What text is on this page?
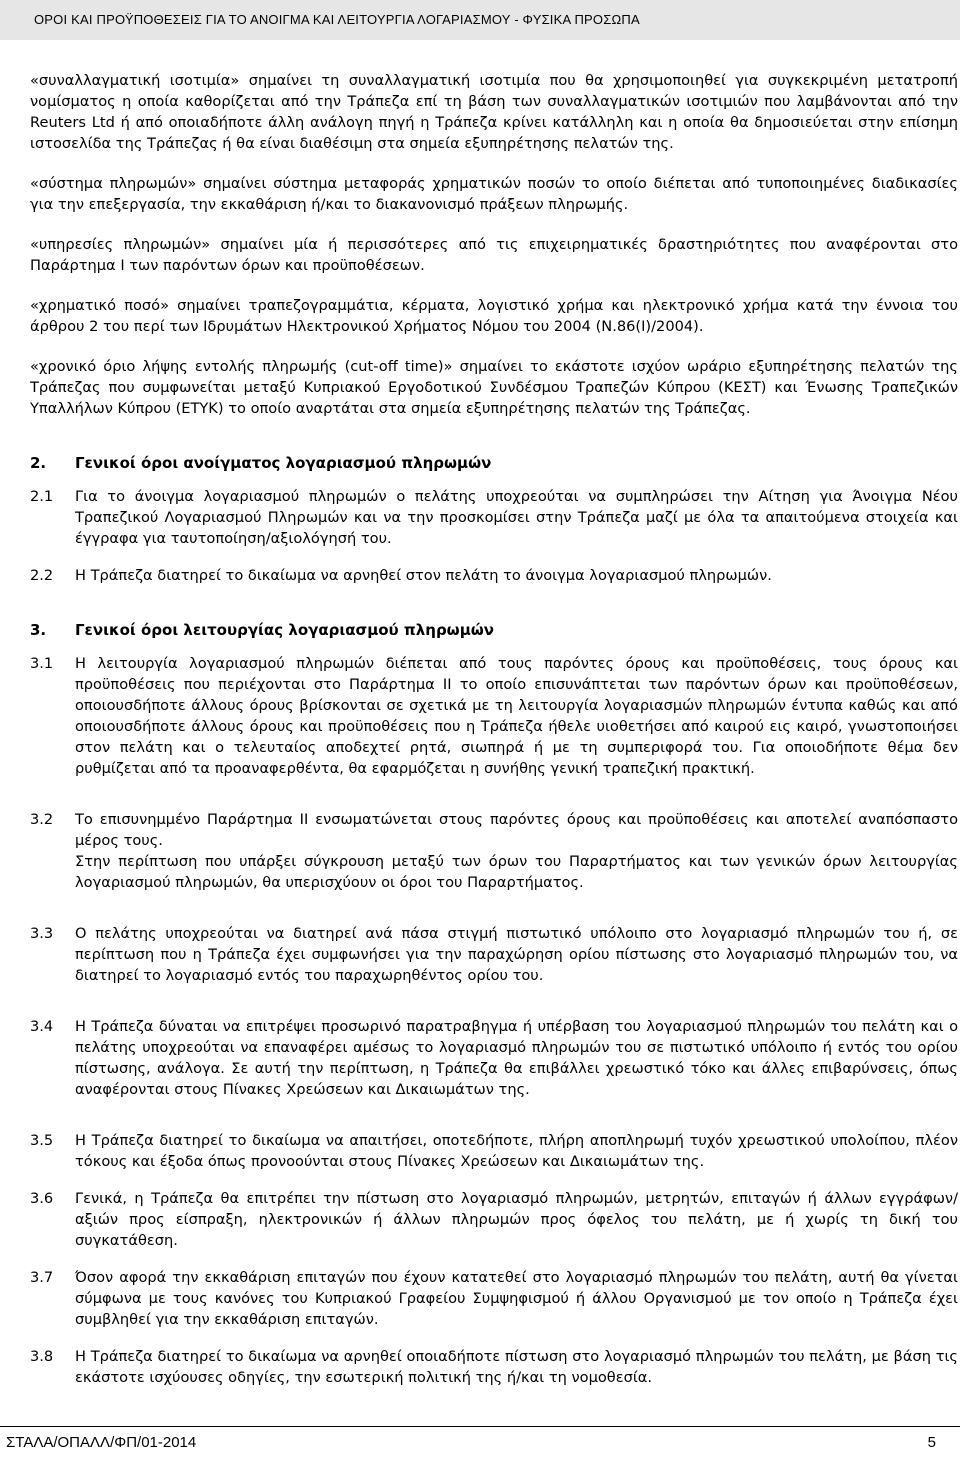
ΟΡΟΙ ΚΑΙ ΠΡΟΫΠΟΘΕΣΕΙΣ ΓΙΑ ΤΟ ΑΝΟΙΓΜΑ ΚΑΙ ΛΕΙΤΟΥΡΓΙΑ ΛΟΓΑΡΙΑΣΜΟΥ - ΦΥΣΙΚΑ ΠΡΟΣΩΠΑ

«συναλλαγματική ισοτιμία» σημαίνει τη συναλλαγματική ισοτιμία που θα χρησιμοποιηθεί για συγκεκριμένη μετατροπή νομίσματος η οποία καθορίζεται από την Τράπεζα επί τη βάση των συναλλαγματικών ισοτιμιών που λαμβάνονται από την Reuters Ltd ή από οποιαδήποτε άλλη ανάλογη πηγή η Τράπεζα κρίνει κατάλληλη και η οποία θα δημοσιεύεται στην επίσημη ιστοσελίδα της Τράπεζας ή θα είναι διαθέσιμη στα σημεία εξυπηρέτησης πελατών της.

«σύστημα πληρωμών» σημαίνει σύστημα μεταφοράς χρηματικών ποσών το οποίο διέπεται από τυποποιημένες διαδικασίες για την επεξεργασία, την εκκαθάριση ή/και το διακανονισμό πράξεων πληρωμής.

«υπηρεσίες πληρωμών» σημαίνει μία ή περισσότερες από τις επιχειρηματικές δραστηριότητες που αναφέρονται στο Παράρτημα Ι των παρόντων όρων και προϋποθέσεων.

«χρηματικό ποσό» σημαίνει τραπεζογραμμάτια, κέρματα, λογιστικό χρήμα και ηλεκτρονικό χρήμα κατά την έννοια του άρθρου 2 του περί των Ιδρυμάτων Ηλεκτρονικού Χρήματος Νόμου του 2004 (Ν.86(Ι)/2004).

«χρονικό όριο λήψης εντολής πληρωμής (cut-off time)» σημαίνει το εκάστοτε ισχύον ωράριο εξυπηρέτησης πελατών της Τράπεζας που συμφωνείται μεταξύ Κυπριακού Εργοδοτικού Συνδέσμου Τραπεζών Κύπρου (ΚΕΣΤ) και Ένωσης Τραπεζικών Υπαλλήλων Κύπρου (ΕΤΥΚ) το οποίο αναρτάται στα σημεία εξυπηρέτησης πελατών της Τράπεζας.

2.	Γενικοί όροι ανοίγματος λογαριασμού πληρωμών
2.1	Για το άνοιγμα λογαριασμού πληρωμών ο πελάτης υποχρεούται να συμπληρώσει την Αίτηση για Άνοιγμα Νέου Τραπεζικού Λογαριασμού Πληρωμών και να την προσκομίσει στην Τράπεζα μαζί με όλα τα απαιτούμενα στοιχεία και έγγραφα για ταυτοποίηση/αξιολόγησή του.

2.2	Η Τράπεζα διατηρεί το δικαίωμα να αρνηθεί στον πελάτη το άνοιγμα λογαριασμού πληρωμών.

3.	Γενικοί όροι λειτουργίας λογαριασμού πληρωμών
3.1	Η λειτουργία λογαριασμού πληρωμών διέπεται από τους παρόντες όρους και προϋποθέσεις, τους όρους και προϋποθέσεις που περιέχονται στο Παράρτημα ΙΙ το οποίο επισυνάπτεται των παρόντων όρων και προϋποθέσεων, οποιουσδήποτε άλλους όρους βρίσκονται σε σχετικά με τη λειτουργία λογαριασμών πληρωμών έντυπα καθώς και από οποιουσδήποτε άλλους όρους και προϋποθέσεις που η Τράπεζα ήθελε υιοθετήσει από καιρού εις καιρό, γνωστοποιήσει στον πελάτη και ο τελευταίος αποδεχτεί ρητά, σιωπηρά ή με τη συμπεριφορά του. Για οποιοδήποτε θέμα δεν ρυθμίζεται από τα προαναφερθέντα, θα εφαρμόζεται η συνήθης γενική τραπεζική πρακτική.

3.2	Το επισυνημμένο Παράρτημα ΙΙ ενσωματώνεται στους παρόντες όρους και προϋποθέσεις και αποτελεί αναπόσπαστο μέρος τους.

Στην περίπτωση που υπάρξει σύγκρουση μεταξύ των όρων του Παραρτήματος και των γενικών όρων λειτουργίας λογαριασμού πληρωμών, θα υπερισχύουν οι όροι του Παραρτήματος.

3.3	Ο πελάτης υποχρεούται να διατηρεί ανά πάσα στιγμή πιστωτικό υπόλοιπο στο λογαριασμό πληρωμών του ή, σε περίπτωση που η Τράπεζα έχει συμφωνήσει για την παραχώρηση ορίου πίστωσης στο λογαριασμό πληρωμών του, να διατηρεί το λογαριασμό εντός του παραχωρηθέντος ορίου του.

3.4	Η Τράπεζα δύναται να επιτρέψει προσωρινό παρατραβηγμα ή υπέρβαση του λογαριασμού πληρωμών του πελάτη και ο πελάτης υποχρεούται να επαναφέρει αμέσως το λογαριασμό πληρωμών του σε πιστωτικό υπόλοιπο ή εντός του ορίου πίστωσης, ανάλογα. Σε αυτή την περίπτωση, η Τράπεζα θα επιβάλλει χρεωστικό τόκο και άλλες επιβαρύνσεις, όπως αναφέρονται στους Πίνακες Χρεώσεων και Δικαιωμάτων της.

3.5	Η Τράπεζα διατηρεί το δικαίωμα να απαιτήσει, οποτεδήποτε, πλήρη αποπληρωμή τυχόν χρεωστικού υπολοίπου, πλέον τόκους και έξοδα όπως προνοούνται στους Πίνακες Χρεώσεων και Δικαιωμάτων της.

3.6	Γενικά, η Τράπεζα θα επιτρέπει την πίστωση στο λογαριασμό πληρωμών, μετρητών, επιταγών ή άλλων εγγράφων/αξιών προς είσπραξη, ηλεκτρονικών ή άλλων πληρωμών προς όφελος του πελάτη, με ή χωρίς τη δική του συγκατάθεση.

3.7	Όσον αφορά την εκκαθάριση επιταγών που έχουν κατατεθεί στο λογαριασμό πληρωμών του πελάτη, αυτή θα γίνεται σύμφωνα με τους κανόνες του Κυπριακού Γραφείου Συμψηφισμού ή άλλου Οργανισμού με τον οποίο η Τράπεζα έχει συμβληθεί για την εκκαθάριση επιταγών.

3.8	Η Τράπεζα διατηρεί το δικαίωμα να αρνηθεί οποιαδήποτε πίστωση στο λογαριασμό πληρωμών του πελάτη, με βάση τις εκάστοτε ισχύουσες οδηγίες, την εσωτερική πολιτική της ή/και τη νομοθεσία.

ΣΤΑΛΑ/ΟΠΑΛΛ/ΦΠ/01-2014	5
